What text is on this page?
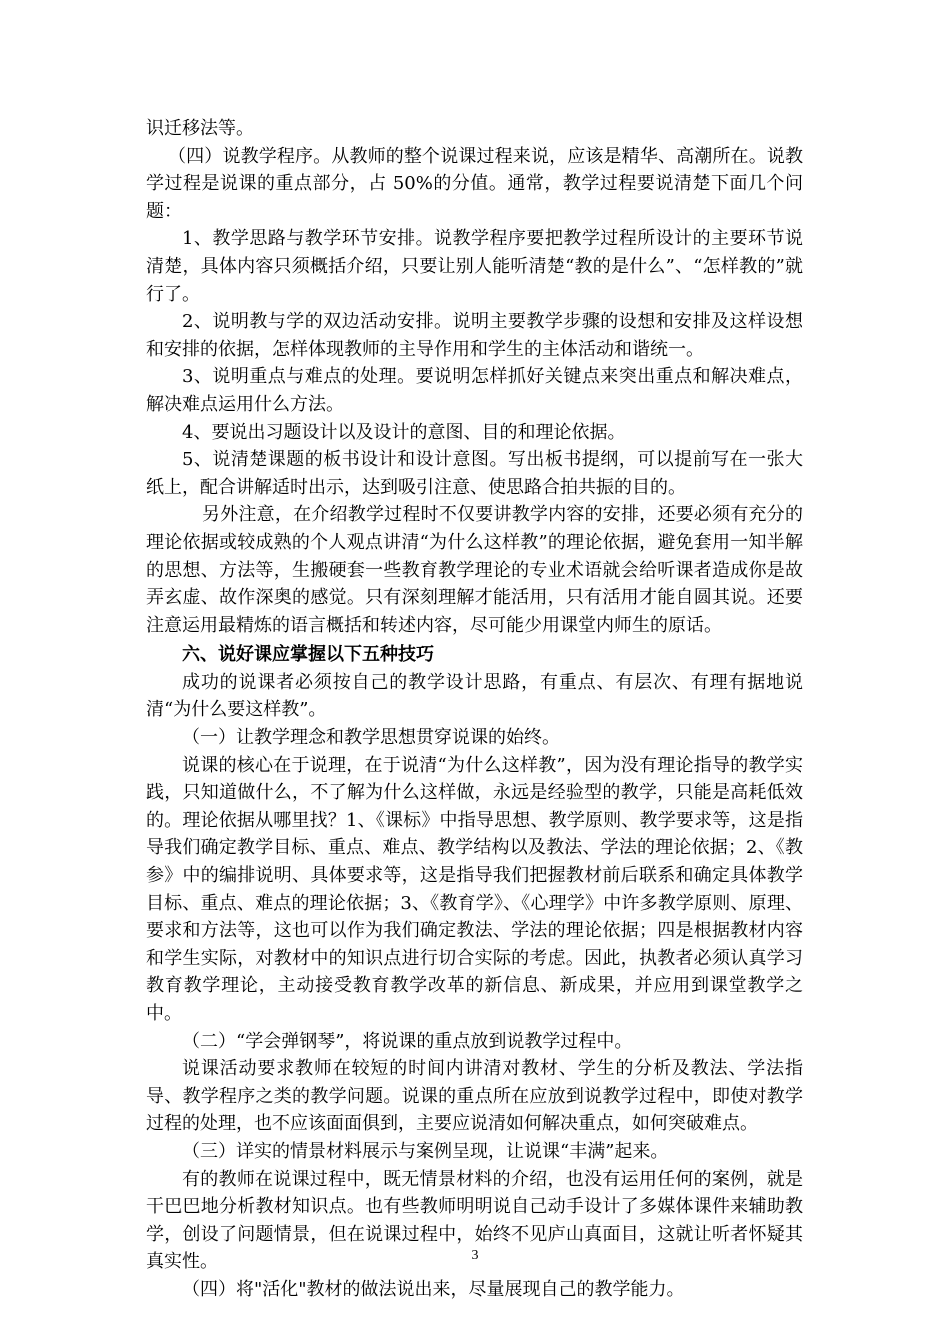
识迁移法等。

（四）说教学程序。从教师的整个说课过程来说，应该是精华、高潮所在。说教学过程是说课的重点部分，占 50%的分值。通常，教学过程要说清楚下面几个问题：

1、教学思路与教学环节安排。说教学程序要把教学过程所设计的主要环节说清楚，具体内容只须概括介绍，只要让别人能听清楚“教的是什么”、“怎样教的”就行了。

2、说明教与学的双边活动安排。说明主要教学步骤的设想和安排及这样设想和安排的依据，怎样体现教师的主导作用和学生的主体活动和谐统一。

3、说明重点与难点的处理。要说明怎样抓好关键点来突出重点和解决难点，解决难点运用什么方法。

4、要说出习题设计以及设计的意图、目的和理论依据。

5、说清楚课题的板书设计和设计意图。写出板书提纲，可以提前写在一张大纸上，配合讲解适时出示，达到吸引注意、使思路合拍共振的目的。

另外注意，在介绍教学过程时不仅要讲教学内容的安排，还要必须有充分的理论依据或较成熟的个人观点讲清“为什么这样教”的理论依据，避免套用一知半解的思想、方法等，生搬硬套一些教育教学理论的专业术语就会给听课者造成你是故弄玄虚、故作深奥的感觉。只有深刻理解才能活用，只有活用才能自圆其说。还要注意运用最精炼的语言概括和转述内容，尽可能少用课堂内师生的原话。

六、说好课应掌握以下五种技巧

成功的说课者必须按自己的教学设计思路，有重点、有层次、有理有据地说清“为什么要这样教”。

（一）让教学理念和教学思想贯穿说课的始终。

说课的核心在于说理，在于说清“为什么这样教”，因为没有理论指导的教学实践，只知道做什么，不了解为什么这样做，永远是经验型的教学，只能是高耗低效的。理论依据从哪里找？1、《课标》中指导思想、教学原则、教学要求等，这是指导我们确定教学目标、重点、难点、教学结构以及教法、学法的理论依据；2、《教参》中的编排说明、具体要求等，这是指导我们把握教材前后联系和确定具体教学目标、重点、难点的理论依据；3、《教育学》、《心理学》中许多教学原则、原理、要求和方法等，这也可以作为我们确定教法、学法的理论依据；四是根据教材内容和学生实际，对教材中的知识点进行切合实际的考虑。因此，执教者必须认真学习教育教学理论，主动接受教育教学改革的新信息、新成果，并应用到课堂教学之中。

（二）“学会弹钢琴”，将说课的重点放到说教学过程中。

说课活动要求教师在较短的时间内讲清对教材、学生的分析及教法、学法指导、教学程序之类的教学问题。说课的重点所在应放到说教学过程中，即使对教学过程的处理，也不应该面面俱到，主要应说清如何解决重点，如何突破难点。

（三）详实的情景材料展示与案例呈现，让说课“丰满”起来。

有的教师在说课过程中，既无情景材料的介绍，也没有运用任何的案例，就是干巴巴地分析教材知识点。也有些教师明明说自己动手设计了多媒体课件来辅助教学，创设了问题情景，但在说课过程中，始终不见庐山真面目，这就让听者怀疑其真实性。

（四）将"活化"教材的做法说出来，尽量展现自己的教学能力。

3
